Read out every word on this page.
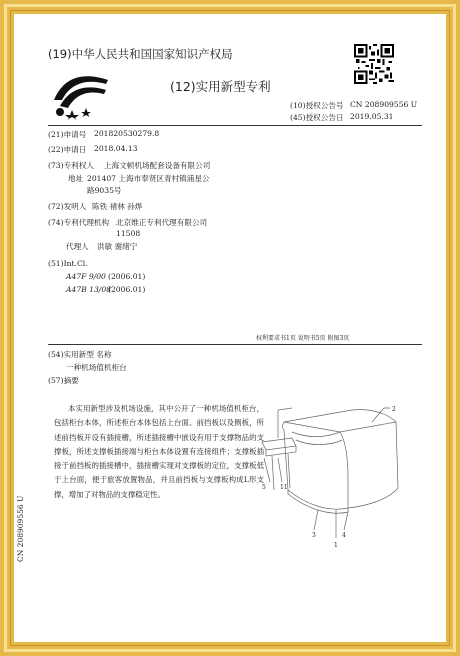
(19)中华人民共和国国家知识产权局
(12)实用新型专利
(10)授权公告号 CN 208909556 U
(45)授权公告日 2019.05.31
(21)申请号 201820530279.8
(22)申请日 2018.04.13
(73)专利权人 上海文顿机场配套设备有限公司
地址 201407 上海市奉贤区青村镇浦星公
路9035号
(72)发明人 陈铁 褚林 孙烨
(74)专利代理机构 北京维正专利代理有限公司
11508
代理人 洪敏 谢绪宁
(51)Int.Cl.
A47F 9/00 (2006.01)
A47B 13/08
(2006.01)
权利要求书1页 说明书5页 附图3页
(54)实用新型 名称
一种机场值机柜台
(57)摘要
本实用新型涉及机场设施，其中公开了一种机场值机柜台，包括柜台本体，所述柜台本体包括上台面、前挡板以及侧板，所述前挡板开设有插接槽，所述插接槽中嵌设有用于支撑物品的支撑板，所述支撑板插接端与柜台本体设置有连接组件；支撑板插接于前挡板的插接槽中，插接槽实现对支撑板的定位，支撑板低于上台面，便于旅客放置物品，并且前挡板与支撑板构成L形支撑，增加了对物品的支撑稳定性。
2
5 11
3	4
1
CN 208909556 U
